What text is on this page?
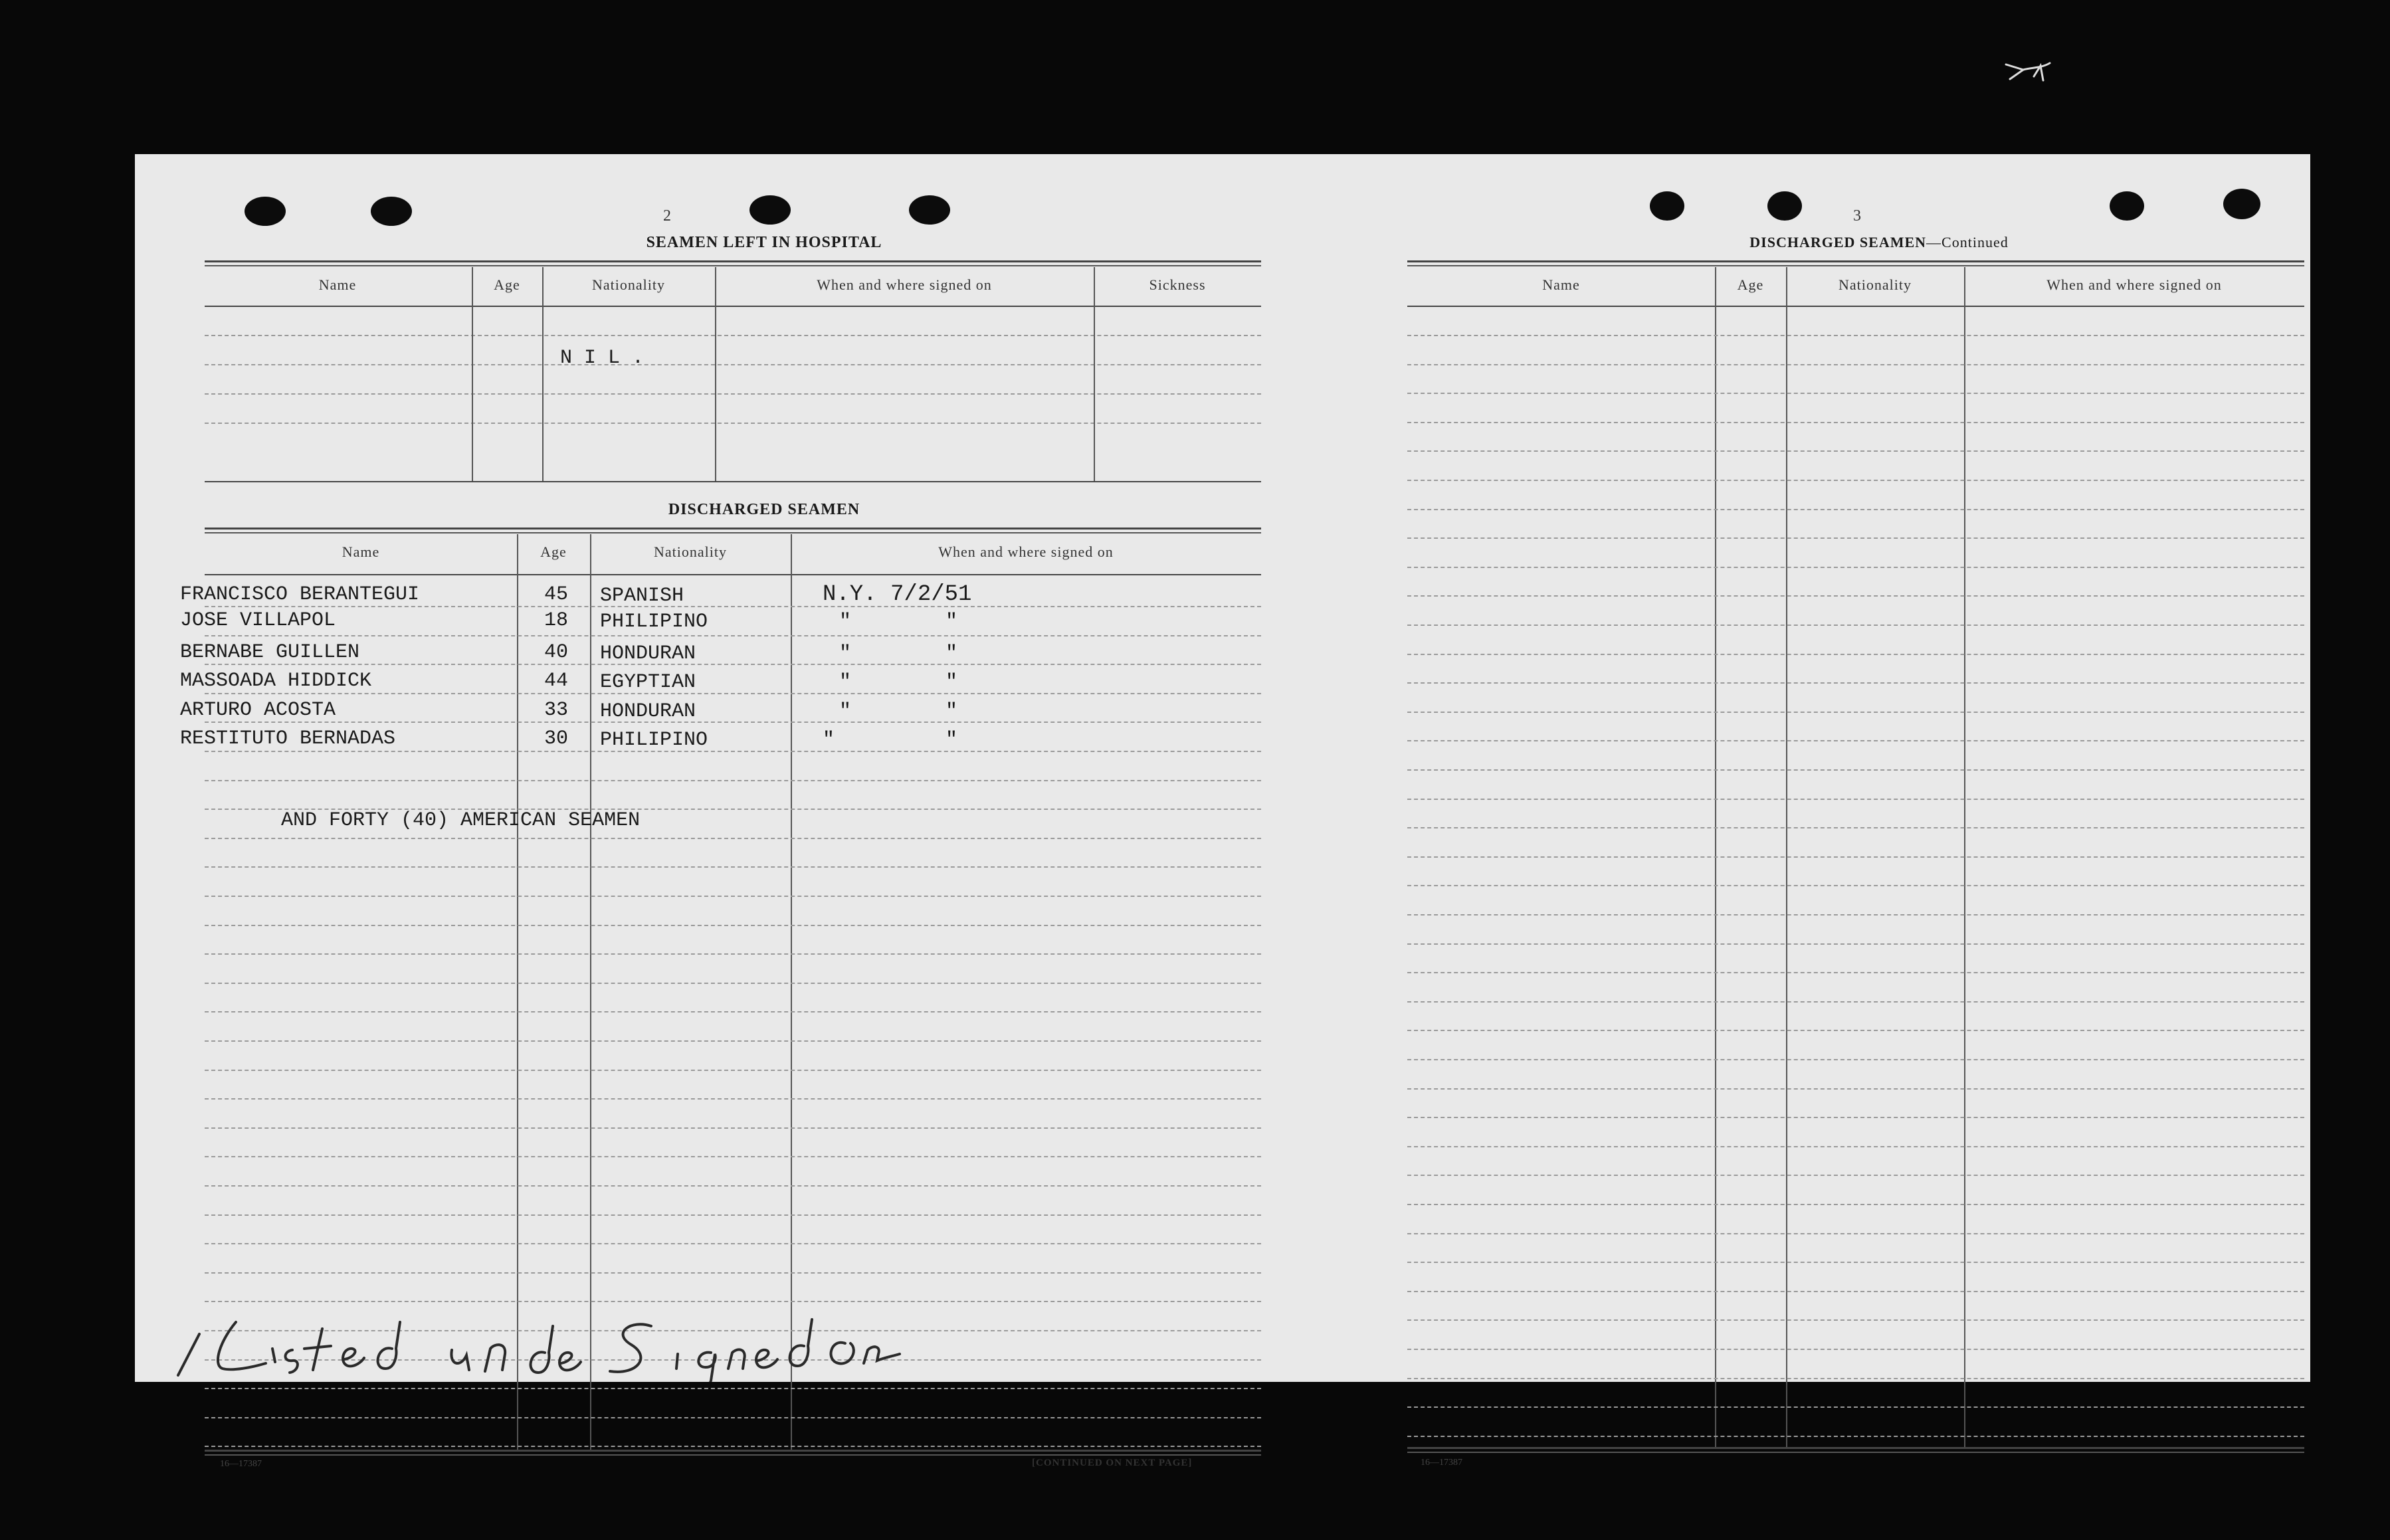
2
SEAMEN LEFT IN HOSPITAL
Name	Age	Nationality	When and where signed on	Sickness
N I L .
DISCHARGED SEAMEN
Name	Age	Nationality	When and where signed on
FRANCISCO BERANTEGUI	45 SPANISH	N.Y. 7/2/51
JOSE VILLAPOL	18 PHILIPINO	"	"
BERNABE GUILLEN	40 HONDURAN	"	"
MASSOADA HIDDICK	44 EGYPTIAN	"	"
ARTURO ACOSTA	33 HONDURAN	"	"
RESTITUTO BERNADAS	30 PHILIPINO	"	"
AND FORTY (40) AMERICAN SEAMEN
16—17387	[CONTINUED ON NEXT PAGE]
3
DISCHARGED SEAMEN—Continued
Name	Age	Nationality	When and where signed on
16—17387
